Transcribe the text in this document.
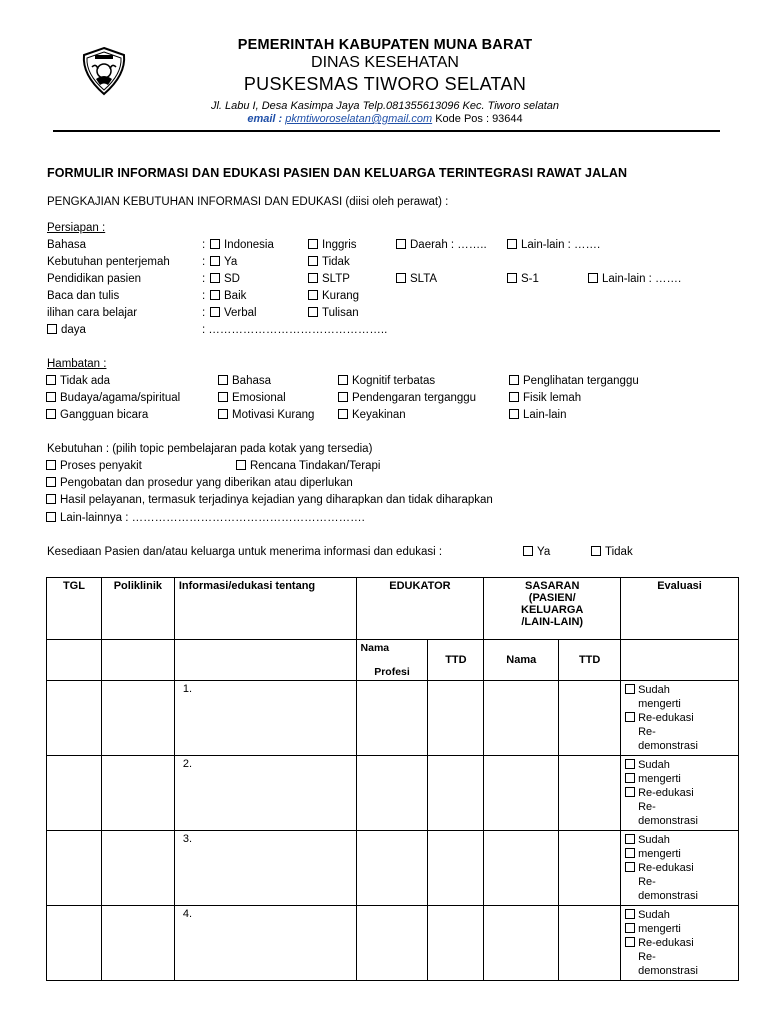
PEMERINTAH KABUPATEN MUNA BARAT
DINAS KESEHATAN
PUSKESMAS TIWORO SELATAN
Jl. Labu I, Desa Kasimpa Jaya Telp.081355613096 Kec. Tiworo selatan
email : pkmtiworoselatan@gmail.com Kode Pos : 93644
FORMULIR INFORMASI DAN EDUKASI PASIEN DAN KELUARGA TERINTEGRASI RAWAT JALAN
PENGKAJIAN KEBUTUHAN INFORMASI DAN EDUKASI (diisi oleh perawat) :
Persiapan :
Bahasa	:	Indonesia	Inggris	Daerah : ……..	Lain-lain : …….
Kebutuhan penterjemah	:	Ya	Tidak
Pendidikan pasien	:	SD	SLTP	SLTA	S-1	Lain-lain : …….
Baca dan tulis	:	Baik	Kurang
ilihan cara belajar	:	Verbal	Tulisan
daya	: ………………………………………..
Hambatan :
Tidak ada	Bahasa	Kognitif terbatas	Penglihatan terganggu
Budaya/agama/spiritual	Emosional	Pendengaran terganggu	Fisik lemah
Gangguan bicara	Motivasi Kurang	Keyakinan	Lain-lain
Kebutuhan : (pilih topic pembelajaran pada kotak yang tersedia)
Proses penyakit	Rencana Tindakan/Terapi
Pengobatan dan prosedur yang diberikan atau diperlukan
Hasil pelayanan, termasuk terjadinya kejadian yang diharapkan dan tidak diharapkan
Lain-lainnya : …………………………………………………….
Kesediaan Pasien dan/atau keluarga untuk menerima informasi dan edukasi :	Ya	Tidak
TGL	Poliklinik	Informasi/edukasi tentang	EDUKATOR		SASARAN
(PASIEN/
KELUARGA
/LAIN-LAIN)		Evaluasi

			Nama
Profesi	TTD	Nama	TTD	
		1.					Sudah
mengerti
Re-edukasi
Re-
demonstrasi

		2.					Sudah
mengerti
Re-edukasi
Re-
demonstrasi

		3.					Sudah
mengerti
Re-edukasi
Re-
demonstrasi

		4.					Sudah
mengerti
Re-edukasi
Re-
demonstrasi
